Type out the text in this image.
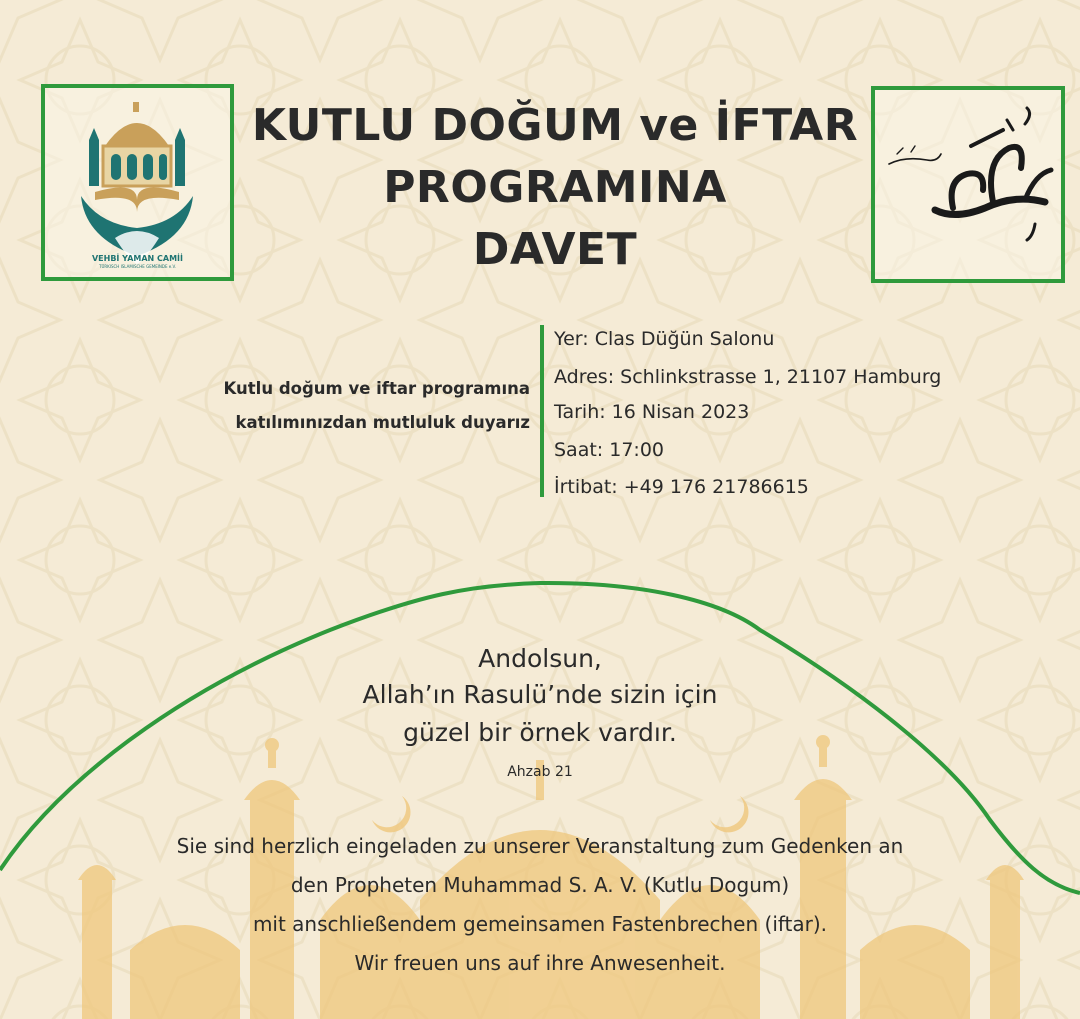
VEHBİ YAMAN CAMİİ
TÜRKISCH ISLAMISCHE GEMEINDE e.V.
KUTLU DOĞUM ve İFTAR
PROGRAMINA
DAVET
Kutlu doğum ve iftar programına
katılımınızdan mutluluk duyarız
Yer: Clas Düğün Salonu
Adres: Schlinkstrasse 1, 21107 Hamburg
Tarih: 16 Nisan 2023
Saat: 17:00
İrtibat: +49 176 21786615
Andolsun,
Allah’ın Rasulü’nde sizin için
güzel bir örnek vardır.
Ahzab 21
Sie sind herzlich eingeladen zu unserer Veranstaltung zum Gedenken an
den Propheten Muhammad S. A. V. (Kutlu Dogum)
mit anschließendem gemeinsamen Fastenbrechen (iftar).
Wir freuen uns auf ihre Anwesenheit.
